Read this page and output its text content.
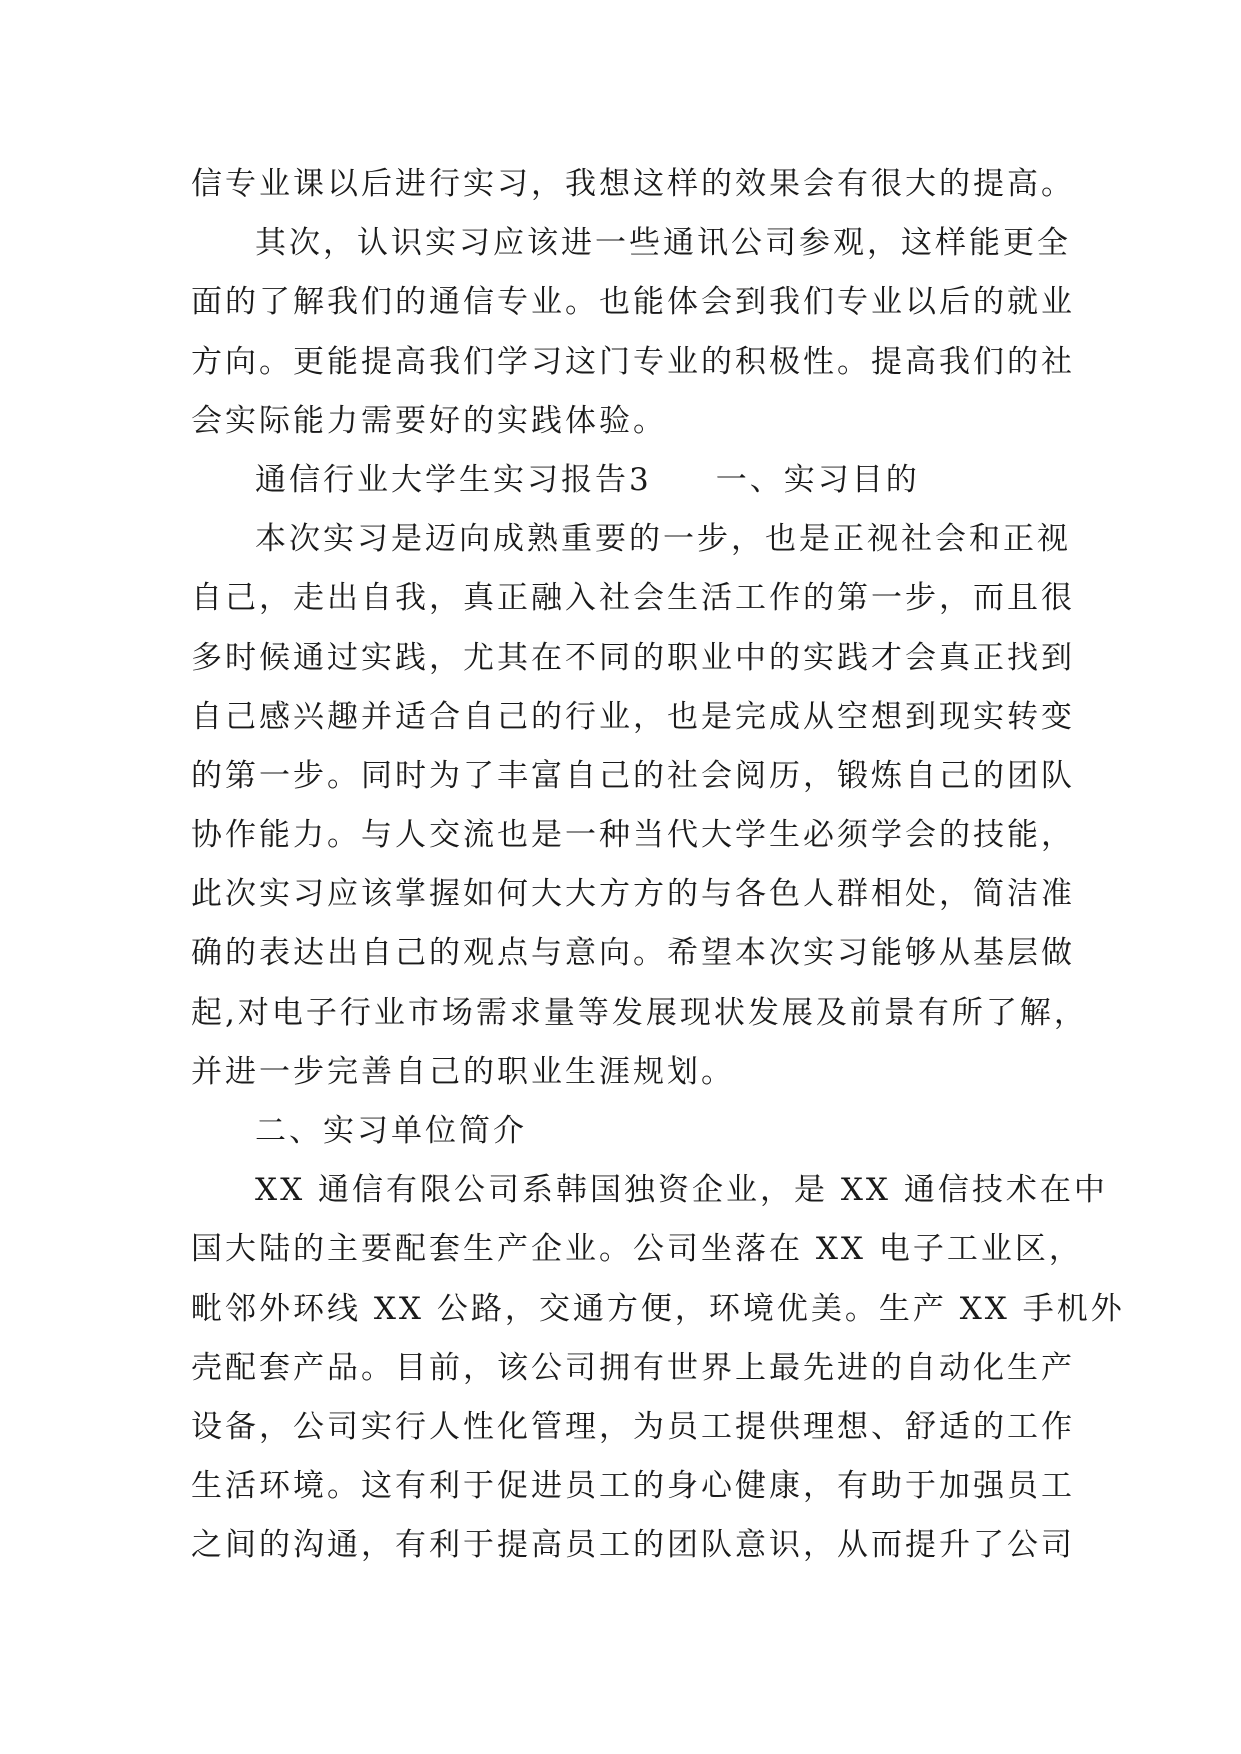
信专业课以后进行实习，我想这样的效果会有很大的提高。
其次，认识实习应该进一些通讯公司参观，这样能更全
面的了解我们的通信专业。也能体会到我们专业以后的就业
方向。更能提高我们学习这门专业的积极性。提高我们的社
会实际能力需要好的实践体验。
通信行业大学生实习报告3 一、实习目的
本次实习是迈向成熟重要的一步，也是正视社会和正视
自己，走出自我，真正融入社会生活工作的第一步，而且很
多时候通过实践，尤其在不同的职业中的实践才会真正找到
自己感兴趣并适合自己的行业，也是完成从空想到现实转变
的第一步。同时为了丰富自己的社会阅历，锻炼自己的团队
协作能力。与人交流也是一种当代大学生必须学会的技能，
此次实习应该掌握如何大大方方的与各色人群相处，简洁准
确的表达出自己的观点与意向。希望本次实习能够从基层做
起,对电子行业市场需求量等发展现状发展及前景有所了解，
并进一步完善自己的职业生涯规划。
二、实习单位简介
XX 通信有限公司系韩国独资企业，是 XX 通信技术在中
国大陆的主要配套生产企业。公司坐落在 XX 电子工业区，
毗邻外环线 XX 公路，交通方便，环境优美。生产 XX 手机外
壳配套产品。目前，该公司拥有世界上最先进的自动化生产
设备，公司实行人性化管理，为员工提供理想、舒适的工作
生活环境。这有利于促进员工的身心健康，有助于加强员工
之间的沟通，有利于提高员工的团队意识，从而提升了公司
